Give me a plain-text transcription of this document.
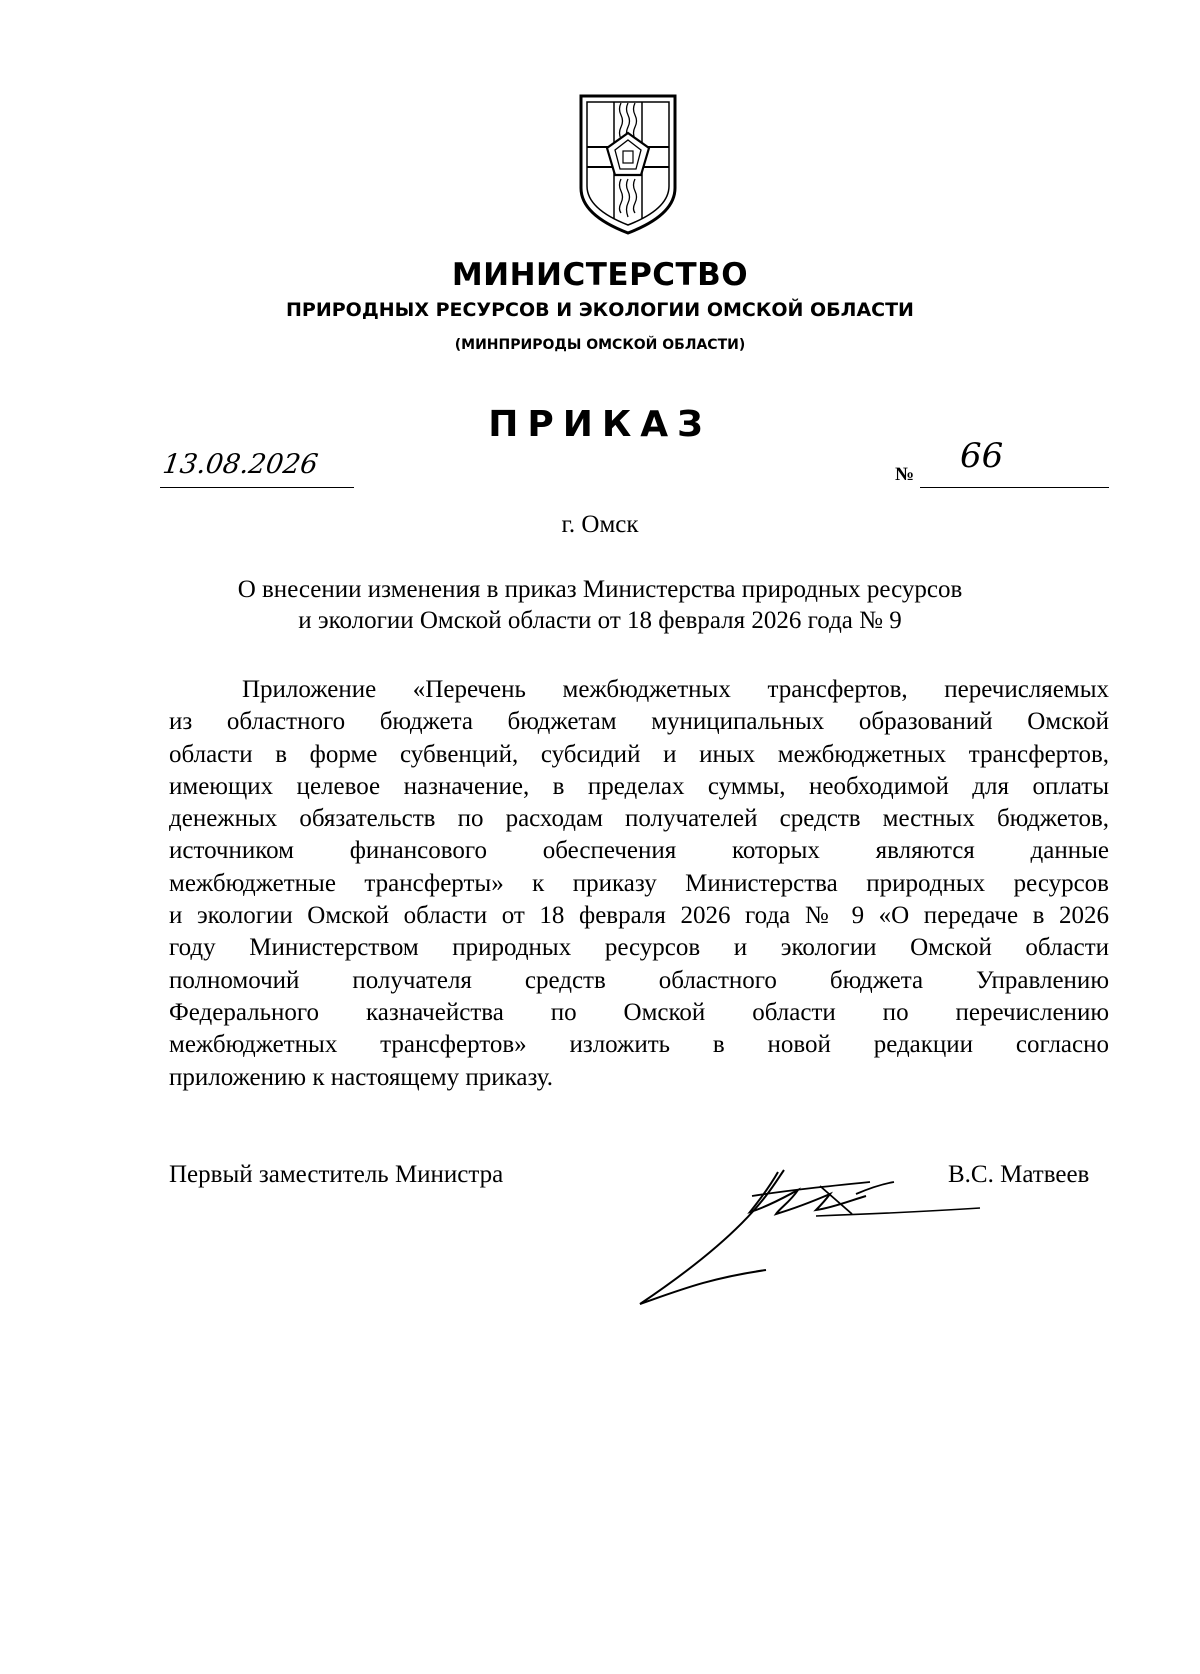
МИНИСТЕРСТВО
ПРИРОДНЫХ РЕСУРСОВ И ЭКОЛОГИИ ОМСКОЙ ОБЛАСТИ
(МИНПРИРОДЫ ОМСКОЙ ОБЛАСТИ)
ПРИКАЗ
13.08.2026	№ 66
г. Омск
О внесении изменения в приказ Министерства природных ресурсов
и экологии Омской области от 18 февраля 2026 года № 9
Приложение «Перечень межбюджетных трансфертов, перечисляемых
из областного бюджета бюджетам муниципальных образований Омской
области в форме субвенций, субсидий и иных межбюджетных трансфертов,
имеющих целевое назначение, в пределах суммы, необходимой для оплаты
денежных обязательств по расходам получателей средств местных бюджетов,
источником финансового обеспечения которых являются данные
межбюджетные трансферты» к приказу Министерства природных ресурсов
и экологии Омской области от 18 февраля 2026 года № 9 «О передаче в 2026
году Министерством природных ресурсов и экологии Омской области
полномочий получателя средств областного бюджета Управлению
Федерального казначейства по Омской области по перечислению
межбюджетных трансфертов» изложить в новой редакции согласно
приложению к настоящему приказу.
Первый заместитель Министра	В.С. Матвеев
